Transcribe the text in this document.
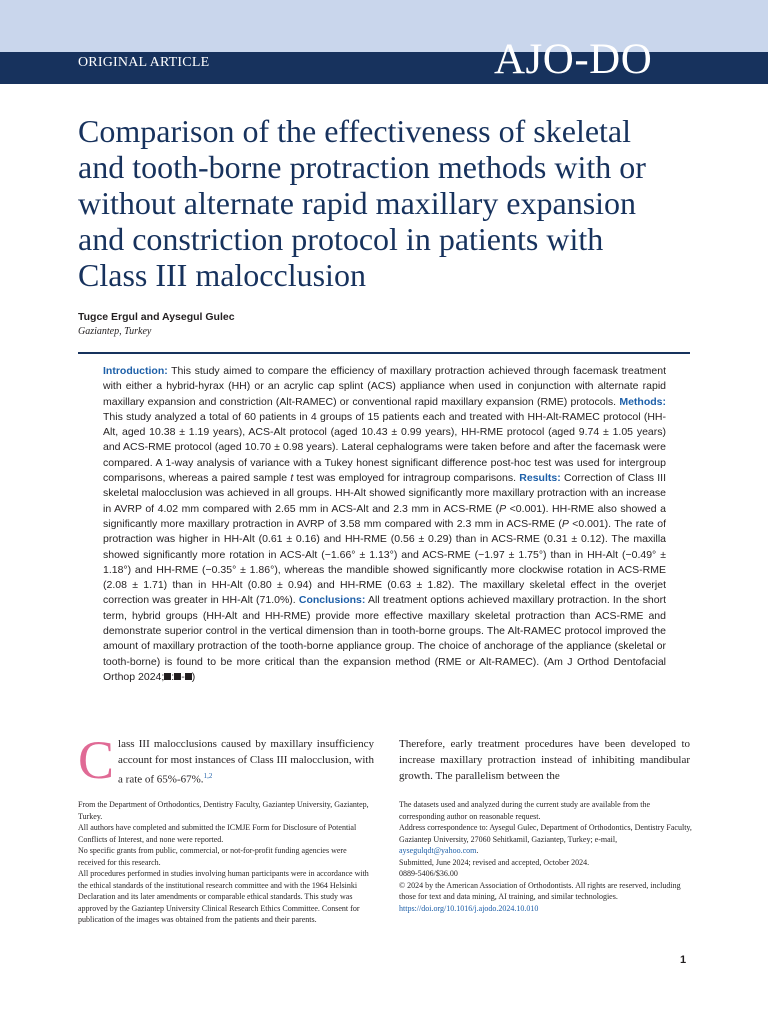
ORIGINAL ARTICLE	AJO-DO
Comparison of the effectiveness of skeletal and tooth-borne protraction methods with or without alternate rapid maxillary expansion and constriction protocol in patients with Class III malocclusion
Tugce Ergul and Aysegul Gulec
Gaziantep, Turkey

Introduction: This study aimed to compare the efficiency of maxillary protraction achieved through facemask treatment with either a hybrid-hyrax (HH) or an acrylic cap splint (ACS) appliance when used in conjunction with alternate rapid maxillary expansion and constriction (Alt-RAMEC) or conventional rapid maxillary expansion (RME) protocols. Methods: This study analyzed a total of 60 patients in 4 groups of 15 patients each and treated with HH-Alt-RAMEC protocol (HH-Alt, aged 10.38 ± 1.19 years), ACS-Alt protocol (aged 10.43 ± 0.99 years), HH-RME protocol (aged 9.74 ± 1.05 years) and ACS-RME protocol (aged 10.70 ± 0.98 years). Lateral cephalograms were taken before and after the facemask were compared. A 1-way analysis of variance with a Tukey honest significant difference post-hoc test was used for intergroup comparisons, whereas a paired sample t test was employed for intragroup comparisons. Results: Correction of Class III skeletal malocclusion was achieved in all groups. HH-Alt showed significantly more maxillary protraction with an increase in AVRP of 4.02 mm compared with 2.65 mm in ACS-Alt and 2.3 mm in ACS-RME (P <0.001). HH-RME also showed a significantly more maxillary protraction in AVRP of 3.58 mm compared with 2.3 mm in ACS-RME (P <0.001). The rate of protraction was higher in HH-Alt (0.61 ± 0.16) and HH-RME (0.56 ± 0.29) than in ACS-RME (0.31 ± 0.12). The maxilla showed significantly more rotation in ACS-Alt (−1.66° ± 1.13°) and ACS-RME (−1.97 ± 1.75°) than in HH-Alt (−0.49° ± 1.18°) and HH-RME (−0.35° ± 1.86°), whereas the mandible showed significantly more clockwise rotation in ACS-RME (2.08 ± 1.71) than in HH-Alt (0.80 ± 0.94) and HH-RME (0.63 ± 1.82). The maxillary skeletal effect in the overjet correction was greater in HH-Alt (71.0%). Conclusions: All treatment options achieved maxillary protraction. In the short term, hybrid groups (HH-Alt and HH-RME) provide more effective maxillary skeletal protraction than ACS-RME and demonstrate superior control in the vertical dimension than in tooth-borne groups. The Alt-RAMEC protocol improved the amount of maxillary protraction of the tooth-borne appliance group. The choice of anchorage of the appliance (skeletal or tooth-borne) is found to be more critical than the expansion method (RME or Alt-RAMEC). (Am J Orthod Dentofacial Orthop 2024; : - )

Class III malocclusions caused by maxillary insufficiency account for most instances of Class III malocclusion, with a rate of 65%-67%.$^{1,2}$

Therefore, early treatment procedures have been developed to increase maxillary protraction instead of inhibiting mandibular growth. The parallelism between the

From the Department of Orthodontics, Dentistry Faculty, Gaziantep University, Gaziantep, Turkey.

All authors have completed and submitted the ICMJE Form for Disclosure of Potential Conflicts of Interest, and none were reported.

No specific grants from public, commercial, or not-for-profit funding agencies were received for this research.

All procedures performed in studies involving human participants were in accordance with the ethical standards of the institutional research committee and with the 1964 Helsinki Declaration and its later amendments or comparable ethical standards. This study was approved by the Gaziantep University Clinical Research Ethics Committee. Consent for publication of the images was obtained from the patients and their parents.

The datasets used and analyzed during the current study are available from the corresponding author on reasonable request.

Address correspondence to: Aysegul Gulec, Department of Orthodontics, Dentistry Faculty, Gaziantep University, 27060 Sehitkamil, Gaziantep, Turkey; e-mail, aysegulqdt@yahoo.com.

Submitted, June 2024; revised and accepted, October 2024.

0889-5406/$36.00

© 2024 by the American Association of Orthodontists. All rights are reserved, including those for text and data mining, AI training, and similar technologies.

https://doi.org/10.1016/j.ajodo.2024.10.010

1
